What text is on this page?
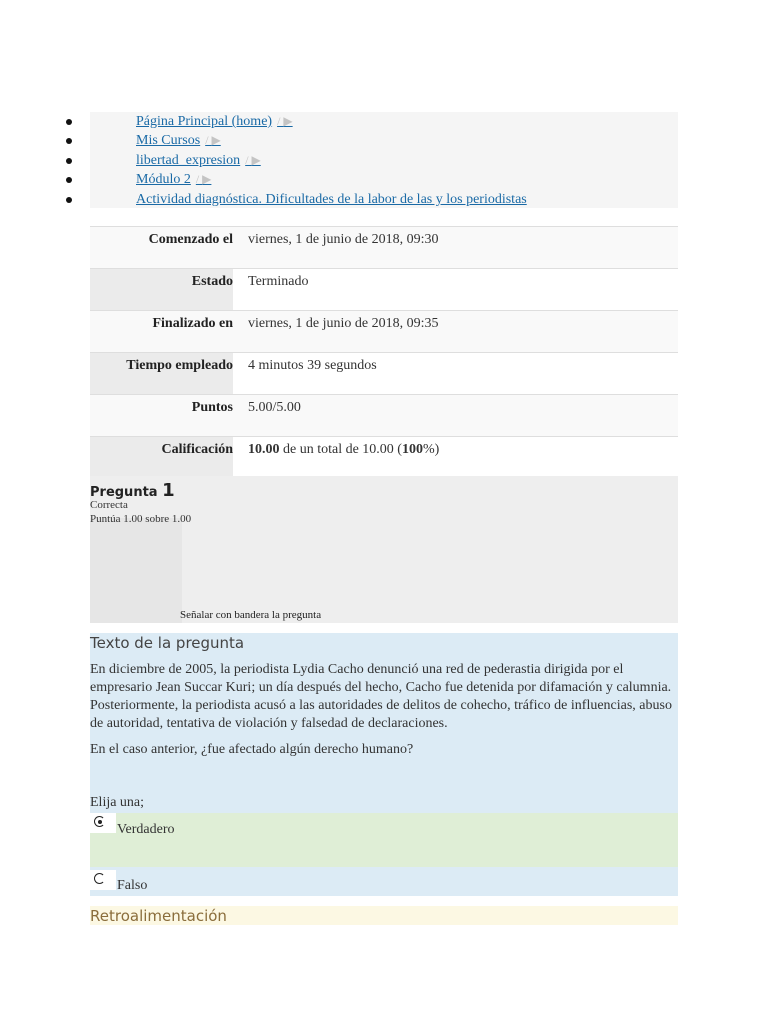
Página Principal (home) / ▶
Mis Cursos / ▶
libertad_expresion / ▶
Módulo 2 / ▶
Actividad diagnóstica. Dificultades de la labor de las y los periodistas
Comenzado el viernes, 1 de junio de 2018, 09:30
Estado Terminado
Finalizado en viernes, 1 de junio de 2018, 09:35
Tiempo empleado 4 minutos 39 segundos
Puntos 5.00/5.00
Calificación 10.00 de un total de 10.00 (100%)
Pregunta 1
Correcta
Puntúa 1.00 sobre 1.00
Señalar con bandera la pregunta
Texto de la pregunta
En diciembre de 2005, la periodista Lydia Cacho denunció una red de pederastia dirigida por el empresario Jean Succar Kuri; un día después del hecho, Cacho fue detenida por difamación y calumnia. Posteriormente, la periodista acusó a las autoridades de delitos de cohecho, tráfico de influencias, abuso de autoridad, tentativa de violación y falsedad de declaraciones.
En el caso anterior, ¿fue afectado algún derecho humano?
Elija una;
Verdadero
Falso
Retroalimentación
